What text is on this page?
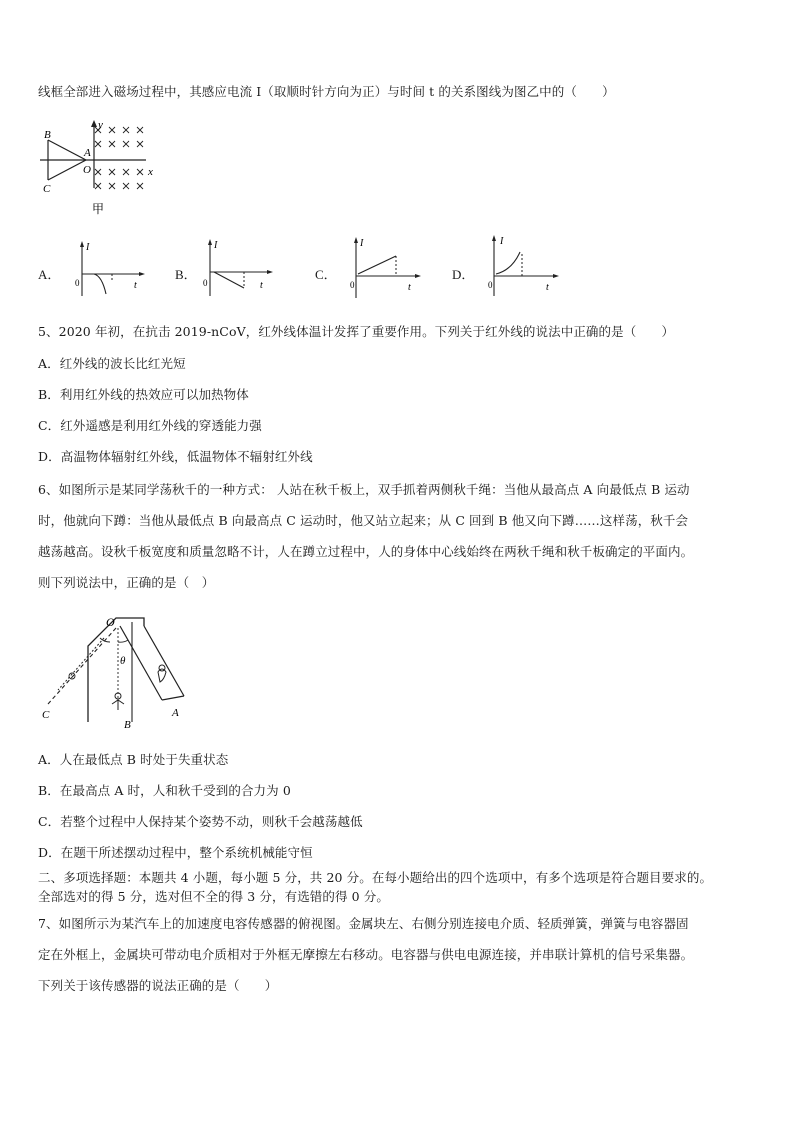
线框全部进入磁场过程中，其感应电流 I（取顺时针方向为正）与时间 t 的关系图线为图乙中的（　　）
B
A
C
O	x
y
甲
A．
I
t
0
B．
I
t
0
C．
I
t
0
D．
I
t
0
5、2020 年初，在抗击 2019-nCoV，红外线体温计发挥了重要作用。下列关于红外线的说法中正确的是（　　）
A．红外线的波长比红光短
B．利用红外线的热效应可以加热物体
C．红外遥感是利用红外线的穿透能力强
D．高温物体辐射红外线，低温物体不辐射红外线
6、如图所示是某同学荡秋千的一种方式： 人站在秋千板上，双手抓着两侧秋千绳：当他从最高点 A 向最低点 B 运动
时，他就向下蹲：当他从最低点 B 向最高点 C 运动时，他又站立起来；从 C 回到 B 他又向下蹲……这样荡，秋千会
越荡越高。设秋千板宽度和质量忽略不计，人在蹲立过程中，人的身体中心线始终在两秋千绳和秋千板确定的平面内。
则下列说法中，正确的是（　）
O
θ
A
B
C
A．人在最低点 B 时处于失重状态
B．在最高点 A 时，人和秋千受到的合力为 0
C．若整个过程中人保持某个姿势不动，则秋千会越荡越低
D．在题干所述摆动过程中，整个系统机械能守恒
二、多项选择题：本题共 4 小题，每小题 5 分，共 20 分。在每小题给出的四个选项中，有多个选项是符合题目要求的。
全部选对的得 5 分，选对但不全的得 3 分，有选错的得 0 分。
7、如图所示为某汽车上的加速度电容传感器的俯视图。金属块左、右侧分别连接电介质、轻质弹簧，弹簧与电容器固
定在外框上，金属块可带动电介质相对于外框无摩擦左右移动。电容器与供电电源连接，并串联计算机的信号采集器。
下列关于该传感器的说法正确的是（　　）
